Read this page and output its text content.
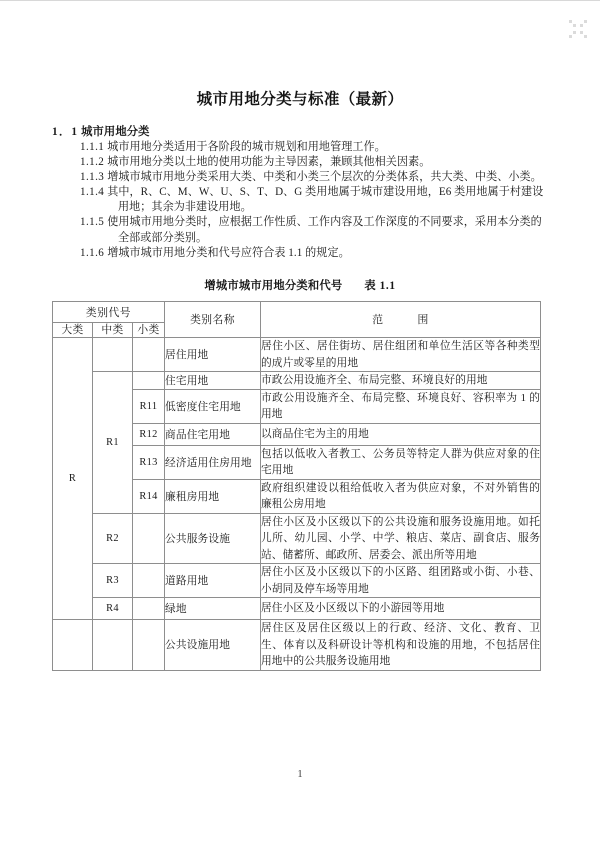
城市用地分类与标准（最新）
1．1 城市用地分类
1.1.1 城市用地分类适用于各阶段的城市规划和用地管理工作。
1.1.2 城市用地分类以土地的使用功能为主导因素，兼顾其他相关因素。
1.1.3 增城市城市用地分类采用大类、中类和小类三个层次的分类体系，共大类、中类、小类。
1.1.4 其中，R、C、M、W、U、S、T、D、G 类用地属于城市建设用地，E6 类用地属于村建设用地；其余为非建设用地。
1.1.5 使用城市用地分类时，应根据工作性质、工作内容及工作深度的不同要求，采用本分类的全部或部分类别。
1.1.6 增城市城市用地分类和代号应符合表 1.1 的规定。
增城市城市用地分类和代号 表 1.1
类别代号			类别名称	范　　　围
大类	中类	小类		
R			居住用地	居住小区、居住街坊、居住组团和单位生活区等各种类型的成片或零星的用地
	R1		住宅用地	市政公用设施齐全、布局完整、环境良好的用地
		R11	低密度住宅用地	市政公用设施齐全、布局完整、环境良好、容积率为 1 的用地
		R12	商品住宅用地	以商品住宅为主的用地
		R13	经济适用住房用地	包括以低收入者教工、公务员等特定人群为供应对象的住宅用地
		R14	廉租房用地	政府组织建设以租给低收入者为供应对象，不对外销售的廉租公房用地
	R2		公共服务设施	居住小区及小区级以下的公共设施和服务设施用地。如托儿所、幼儿园、小学、中学、粮店、菜店、副食店、服务站、储蓄所、邮政所、居委会、派出所等用地
	R3		道路用地	居住小区及小区级以下的小区路、组团路或小街、小巷、小胡同及停车场等用地
	R4		绿地	居住小区及小区级以下的小游园等用地
			公共设施用地	居住区及居住区级以上的行政、经济、文化、教育、卫生、体育以及科研设计等机构和设施的用地，不包括居住用地中的公共服务设施用地
1
